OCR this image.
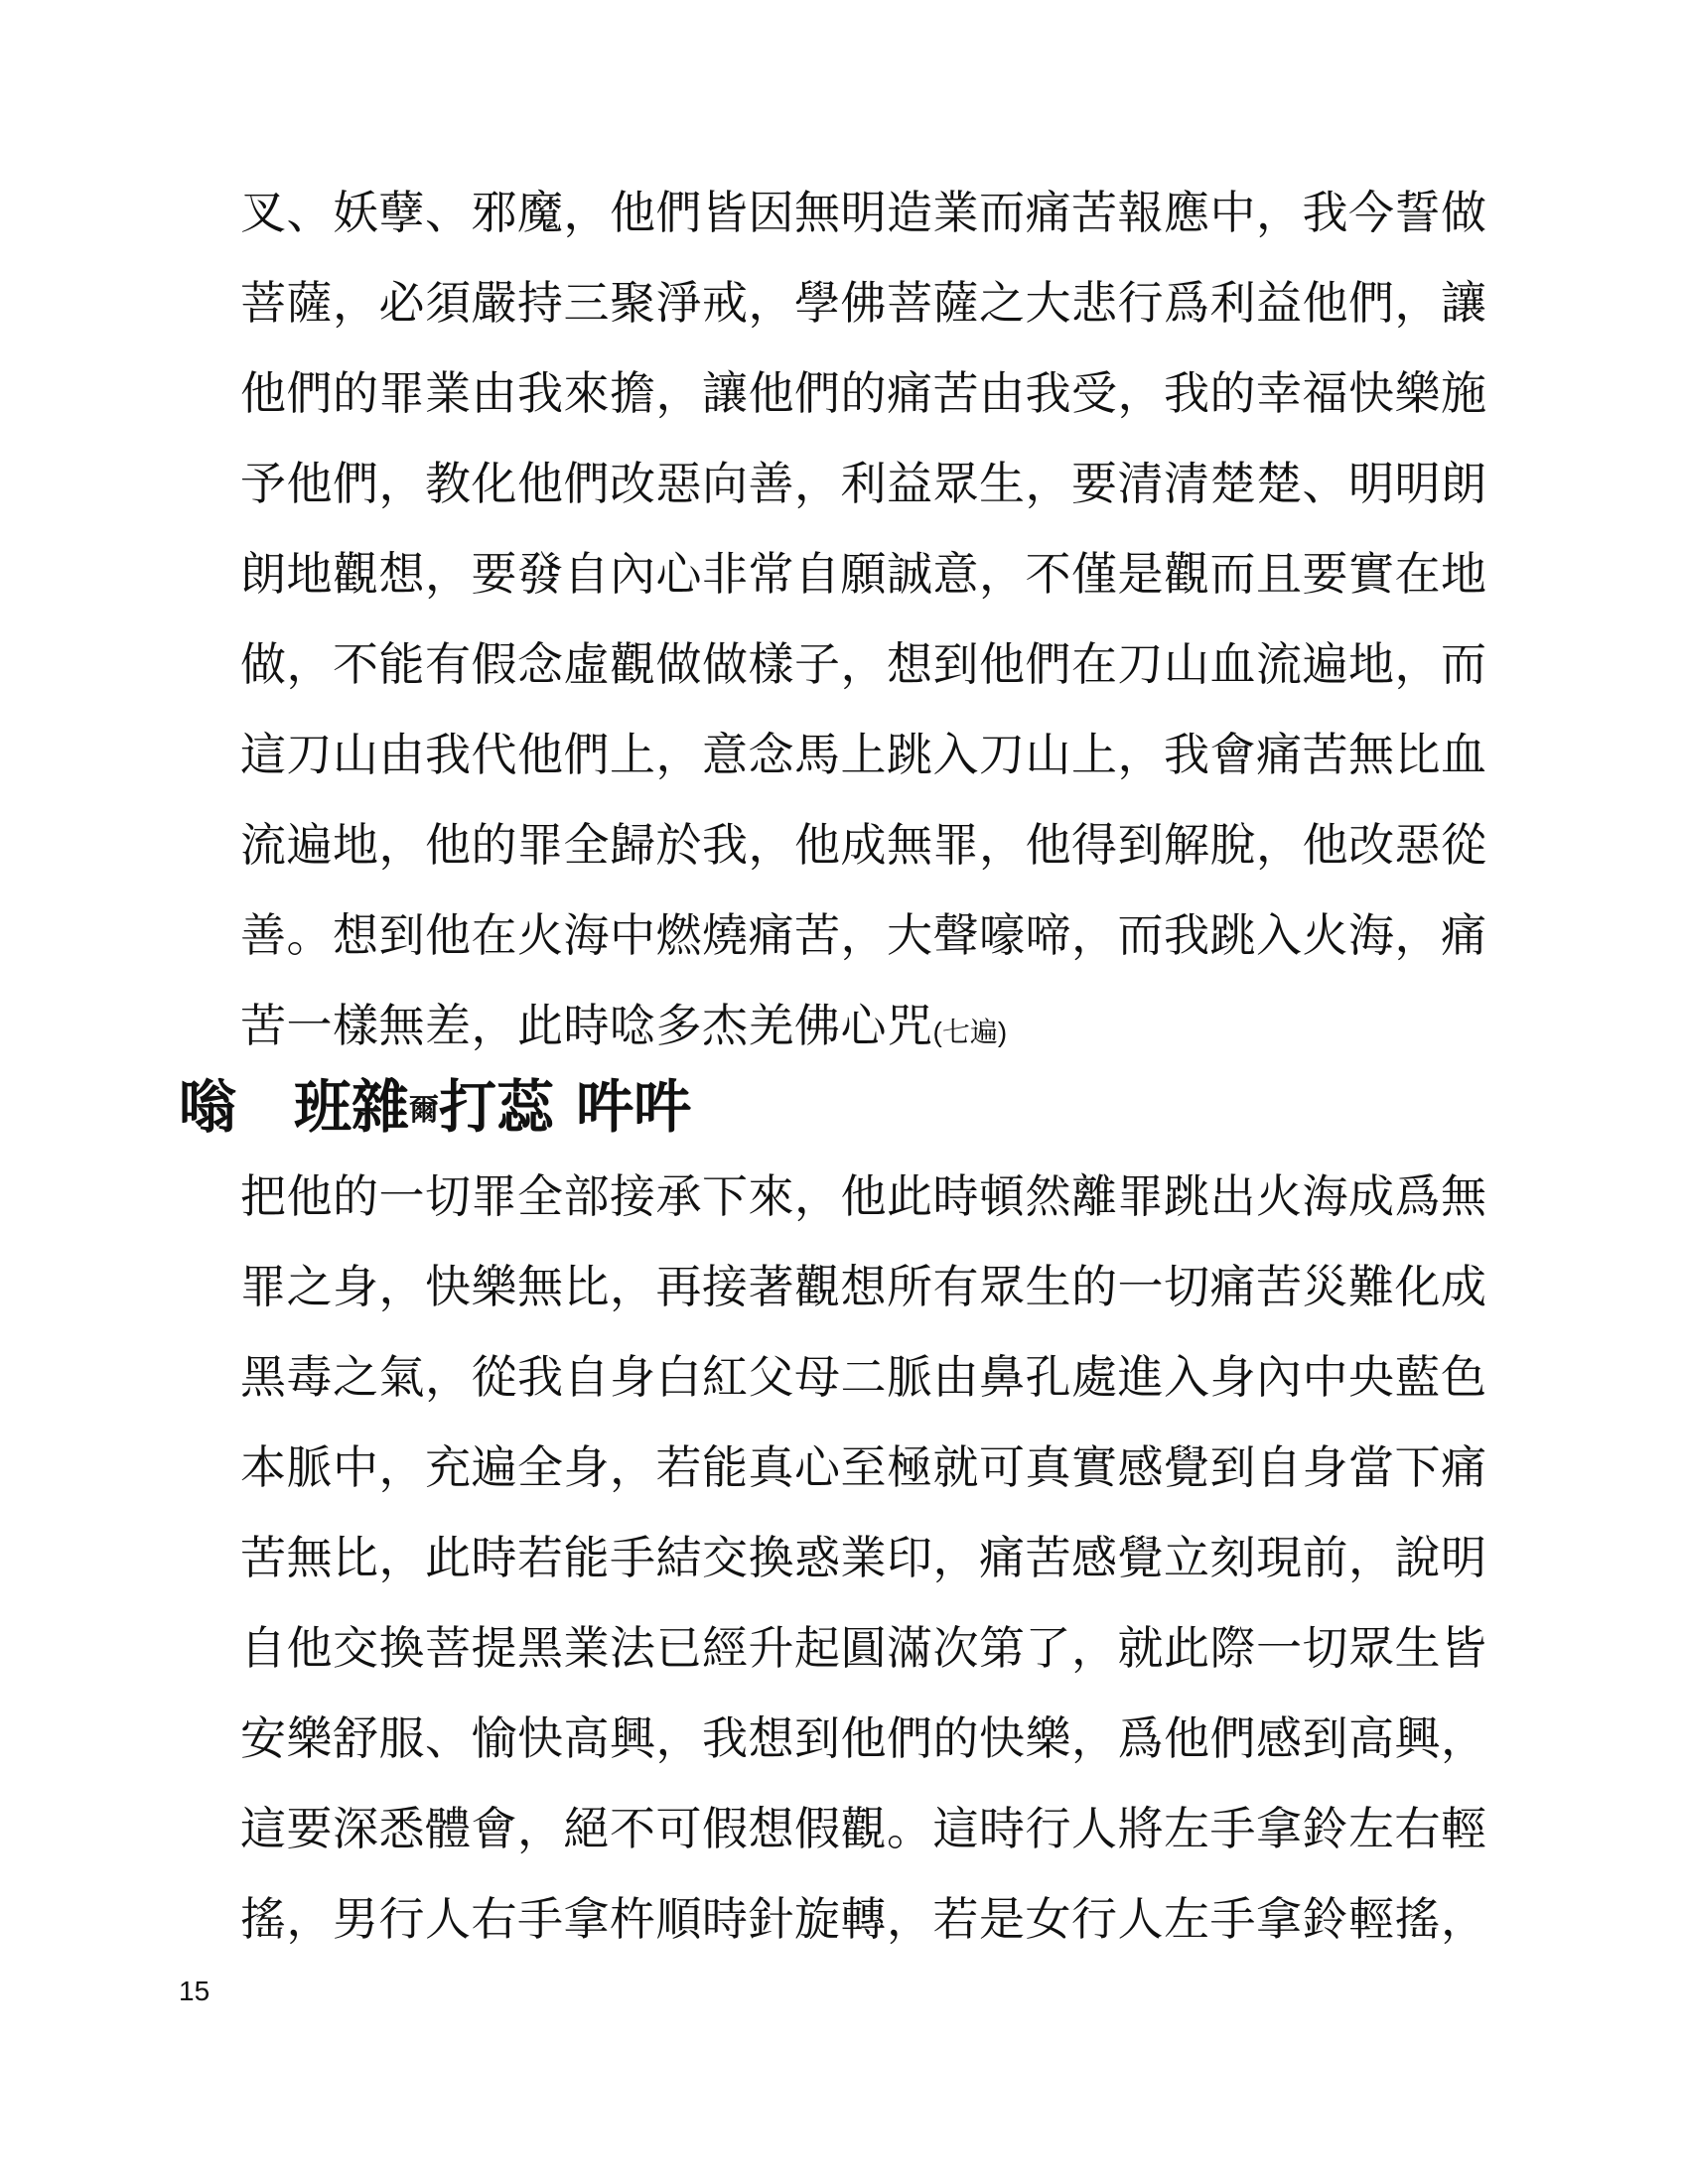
叉、妖孽、邪魔，他們皆因無明造業而痛苦報應中，我今誓做
菩薩，必須嚴持三聚淨戒，學佛菩薩之大悲行爲利益他們，讓
他們的罪業由我來擔，讓他們的痛苦由我受，我的幸福快樂施
予他們，教化他們改惡向善，利益眾生，要清清楚楚、明明朗
朗地觀想，要發自內心非常自願誠意，不僅是觀而且要實在地
做，不能有假念虛觀做做樣子，想到他們在刀山血流遍地，而
這刀山由我代他們上，意念馬上跳入刀山上，我會痛苦無比血
流遍地，他的罪全歸於我，他成無罪，他得到解脫，他改惡從
善。想到他在火海中燃燒痛苦，大聲嚎啼，而我跳入火海，痛
苦一樣無差，此時唸多杰羌佛心咒(七遍)
嗡 班雜爾打蕊 吽吽
把他的一切罪全部接承下來，他此時頓然離罪跳出火海成爲無
罪之身，快樂無比，再接著觀想所有眾生的一切痛苦災難化成
黑毒之氣，從我自身白紅父母二脈由鼻孔處進入身內中央藍色
本脈中，充遍全身，若能真心至極就可真實感覺到自身當下痛
苦無比，此時若能手結交換惑業印，痛苦感覺立刻現前，說明
自他交換菩提黑業法已經升起圓滿次第了，就此際一切眾生皆
安樂舒服、愉快高興，我想到他們的快樂，爲他們感到高興，
這要深悉體會，絕不可假想假觀。這時行人將左手拿鈴左右輕
搖，男行人右手拿杵順時針旋轉，若是女行人左手拿鈴輕搖，
15
